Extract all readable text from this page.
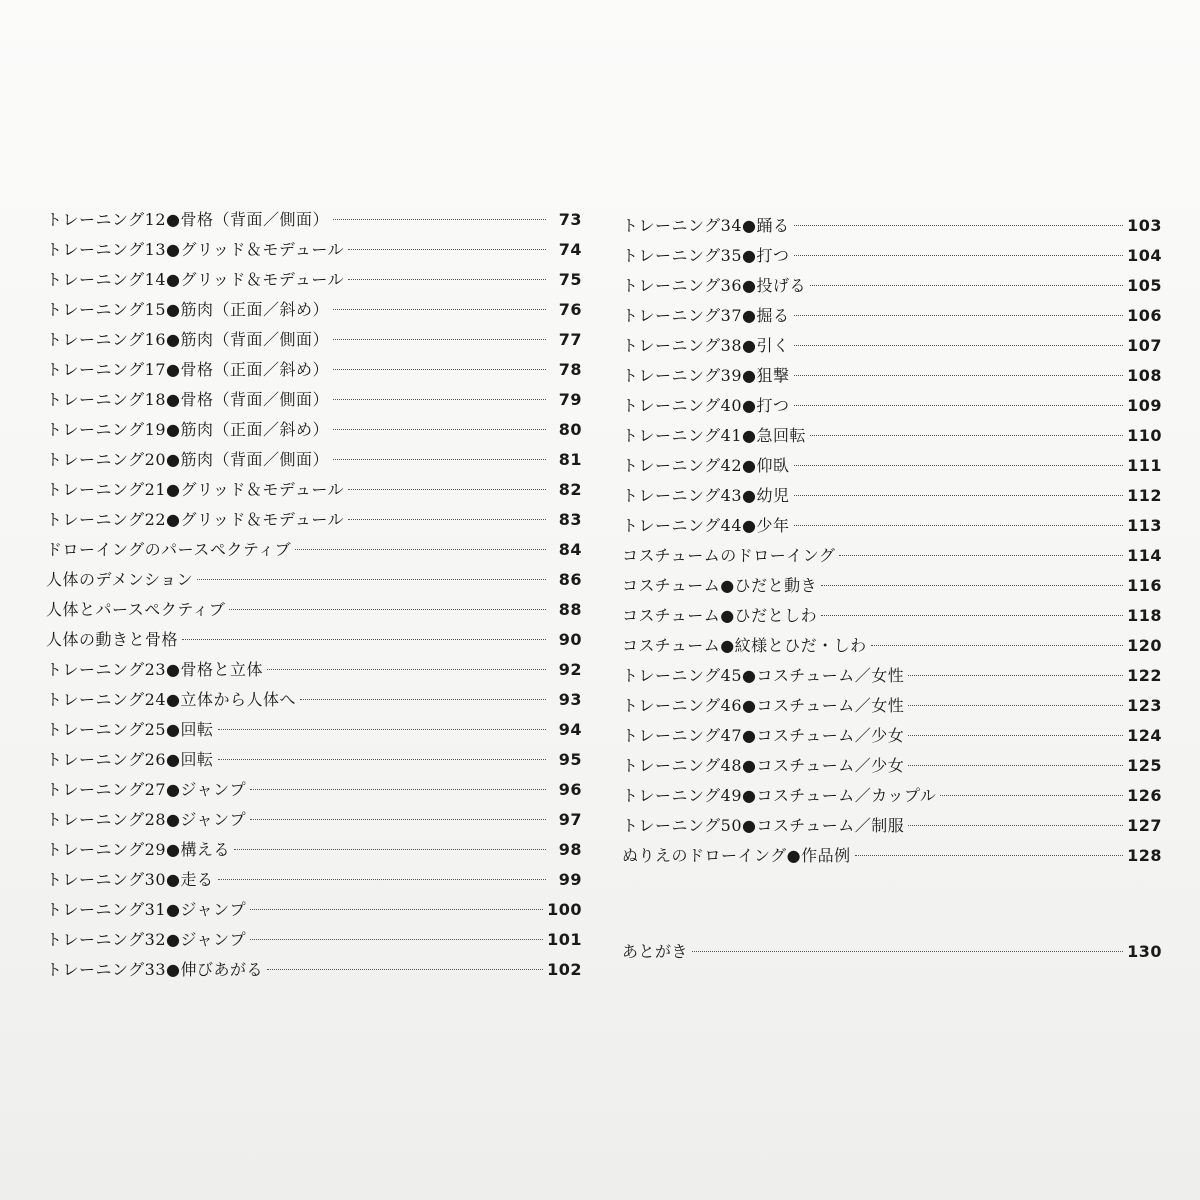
トレーニング12●骨格（背面／側面）	73
トレーニング13●グリッド＆モデュール	74
トレーニング14●グリッド＆モデュール	75
トレーニング15●筋肉（正面／斜め）	76
トレーニング16●筋肉（背面／側面）	77
トレーニング17●骨格（正面／斜め）	78
トレーニング18●骨格（背面／側面）	79
トレーニング19●筋肉（正面／斜め）	80
トレーニング20●筋肉（背面／側面）	81
トレーニング21●グリッド＆モデュール	82
トレーニング22●グリッド＆モデュール	83
ドローイングのパースペクティブ	84
人体のデメンション	86
人体とパースペクティブ	88
人体の動きと骨格	90
トレーニング23●骨格と立体	92
トレーニング24●立体から人体へ	93
トレーニング25●回転	94
トレーニング26●回転	95
トレーニング27●ジャンプ	96
トレーニング28●ジャンプ	97
トレーニング29●構える	98
トレーニング30●走る	99
トレーニング31●ジャンプ	100
トレーニング32●ジャンプ	101
トレーニング33●伸びあがる	102
トレーニング34●踊る	103
トレーニング35●打つ	104
トレーニング36●投げる	105
トレーニング37●掘る	106
トレーニング38●引く	107
トレーニング39●狙撃	108
トレーニング40●打つ	109
トレーニング41●急回転	110
トレーニング42●仰臥	111
トレーニング43●幼児	112
トレーニング44●少年	113
コスチュームのドローイング	114
コスチューム●ひだと動き	116
コスチューム●ひだとしわ	118
コスチューム●紋様とひだ・しわ	120
トレーニング45●コスチューム／女性	122
トレーニング46●コスチューム／女性	123
トレーニング47●コスチューム／少女	124
トレーニング48●コスチューム／少女	125
トレーニング49●コスチューム／カップル	126
トレーニング50●コスチューム／制服	127
ぬりえのドローイング●作品例	128
あとがき	130
